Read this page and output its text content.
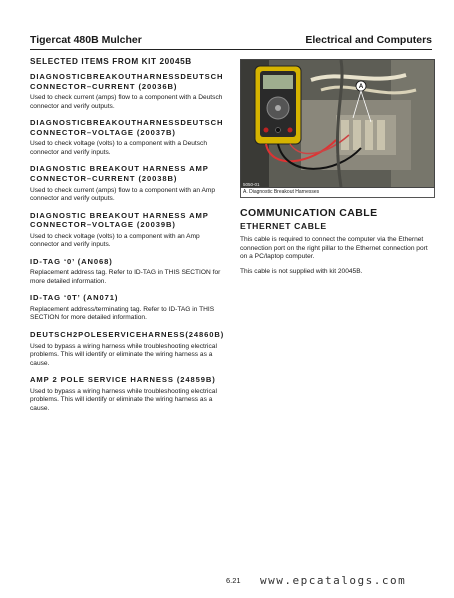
Tigercat 480B Mulcher	Electrical and Computers

SELECTED ITEMS FROM KIT 20045B

DIAGNOSTICBREAKOUTHARNESSDEUTSCH CONNECTOR–CURRENT (20036B)

Used to check current (amps) flow to a component with a Deutsch connector and verify outputs.

DIAGNOSTICBREAKOUTHARNESSDEUTSCH CONNECTOR–VOLTAGE (20037B)

Used to check voltage (volts) to a component with a Deutsch connector and verify inputs.

DIAGNOSTIC BREAKOUT HARNESS AMP CONNECTOR–CURRENT (20038B)

Used to check current (amps) flow to a component with an Amp connector and verify outputs.

DIAGNOSTIC BREAKOUT HARNESS AMP CONNECTOR–VOLTAGE (20039B)

Used to check voltage (volts) to a component with an Amp connector and verify inputs.

ID-TAG ‘0’ (AN068)

Replacement address tag. Refer to ID-TAG in THIS SECTION for more detailed information.

ID-TAG ‘0T’ (AN071)

Replacement address/terminating tag. Refer to ID-TAG in THIS SECTION for more detailed information.

DEUTSCH2POLESERVICEHARNESS(24860B)

Used to bypass a wiring harness while troubleshooting electrical problems. This will identify or eliminate the wiring harness as a cause.

AMP 2 POLE SERVICE HARNESS (24859B)

Used to bypass a wiring harness while troubleshooting electrical problems. This will identify or eliminate the wiring harness as a cause.

A
5050-01
A. Diagnostic Breakout Harnesses

COMMUNICATION CABLE

ETHERNET CABLE

This cable is required to connect the computer via the Ethernet connection port on the right pillar to the Ethernet connection port on a PC/laptop computer.

This cable is not supplied with kit 20045B.

6.21 www.epcatalogs.com
